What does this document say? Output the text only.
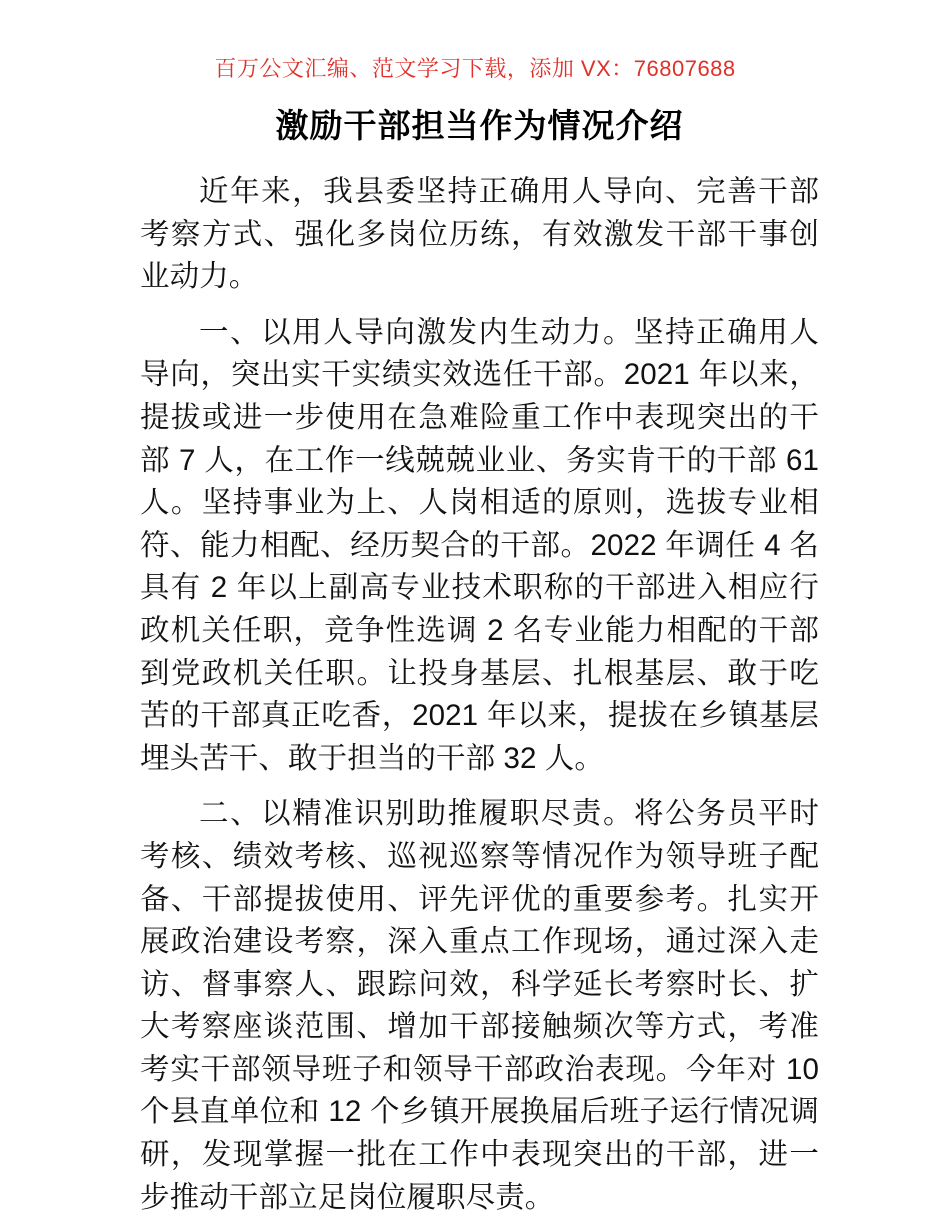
百万公文汇编、范文学习下载，添加 VX：76807688
激励干部担当作为情况介绍

近年来，我县委坚持正确用人导向、完善干部考察方式、强化多岗位历练，有效激发干部干事创业动力。

一、以用人导向激发内生动力。坚持正确用人导向，突出实干实绩实效选任干部。2021 年以来，提拔或进一步使用在急难险重工作中表现突出的干部 7 人，在工作一线兢兢业业、务实肯干的干部 61 人。坚持事业为上、人岗相适的原则，选拔专业相符、能力相配、经历契合的干部。2022 年调任 4 名具有 2 年以上副高专业技术职称的干部进入相应行政机关任职，竞争性选调 2 名专业能力相配的干部到党政机关任职。让投身基层、扎根基层、敢于吃苦的干部真正吃香，2021 年以来，提拔在乡镇基层埋头苦干、敢于担当的干部 32 人。

二、以精准识别助推履职尽责。将公务员平时考核、绩效考核、巡视巡察等情况作为领导班子配备、干部提拔使用、评先评优的重要参考。扎实开展政治建设考察，深入重点工作现场，通过深入走访、督事察人、跟踪问效，科学延长考察时长、扩大考察座谈范围、增加干部接触频次等方式，考准考实干部领导班子和领导干部政治表现。今年对 10 个县直单位和 12 个乡镇开展换届后班子运行情况调研，发现掌握一批在工作中表现突出的干部，进一步推动干部立足岗位履职尽责。
